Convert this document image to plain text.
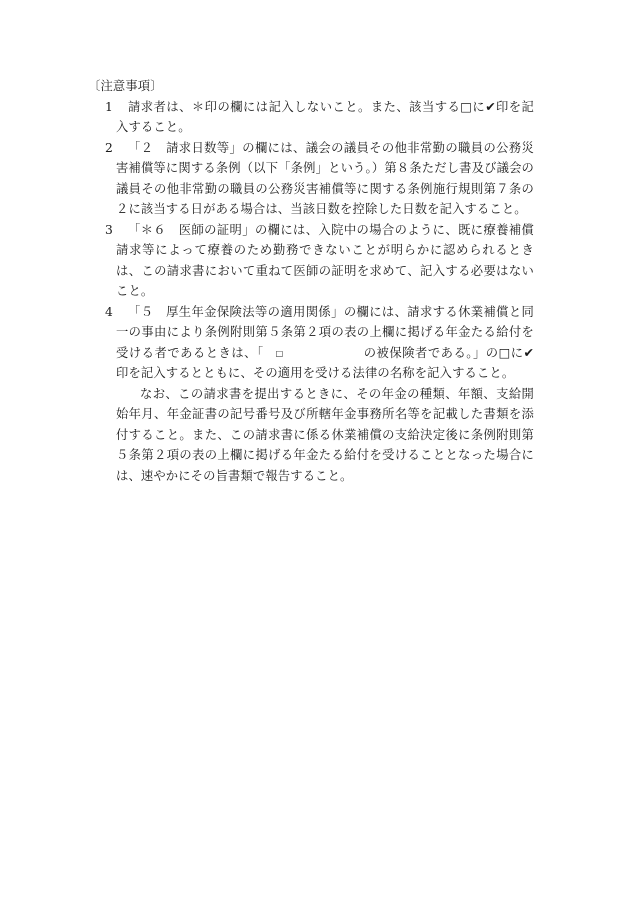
〔注意事項〕
1	請求者は、＊印の欄には記入しないこと。また、該当する□に✔印を記入すること。
2	「２　請求日数等」の欄には、議会の議員その他非常勤の職員の公務災害補償等に関する条例（以下「条例」という。）第８条ただし書及び議会の議員その他非常勤の職員の公務災害補償等に関する条例施行規則第７条の２に該当する日がある場合は、当該日数を控除した日数を記入すること。
3	「＊６　医師の証明」の欄には、入院中の場合のように、既に療養補償請求等によって療養のため勤務できないことが明らかに認められるときは、この請求書において重ねて医師の証明を求めて、記入する必要はないこと。
4	「５　厚生年金保険法等の適用関係」の欄には、請求する休業補償と同一の事由により条例附則第５条第２項の表の上欄に掲げる年金たる給付を受ける者であるときは、「 □	の被保険者である。」の□に✔印を記入するとともに、その適用を受ける法律の名称を記入すること。
なお、この請求書を提出するときに、その年金の種類、年額、支給開始年月、年金証書の記号番号及び所轄年金事務所名等を記載した書類を添付すること。また、この請求書に係る休業補償の支給決定後に条例附則第５条第２項の表の上欄に掲げる年金たる給付を受けることとなった場合には、速やかにその旨書類で報告すること。
